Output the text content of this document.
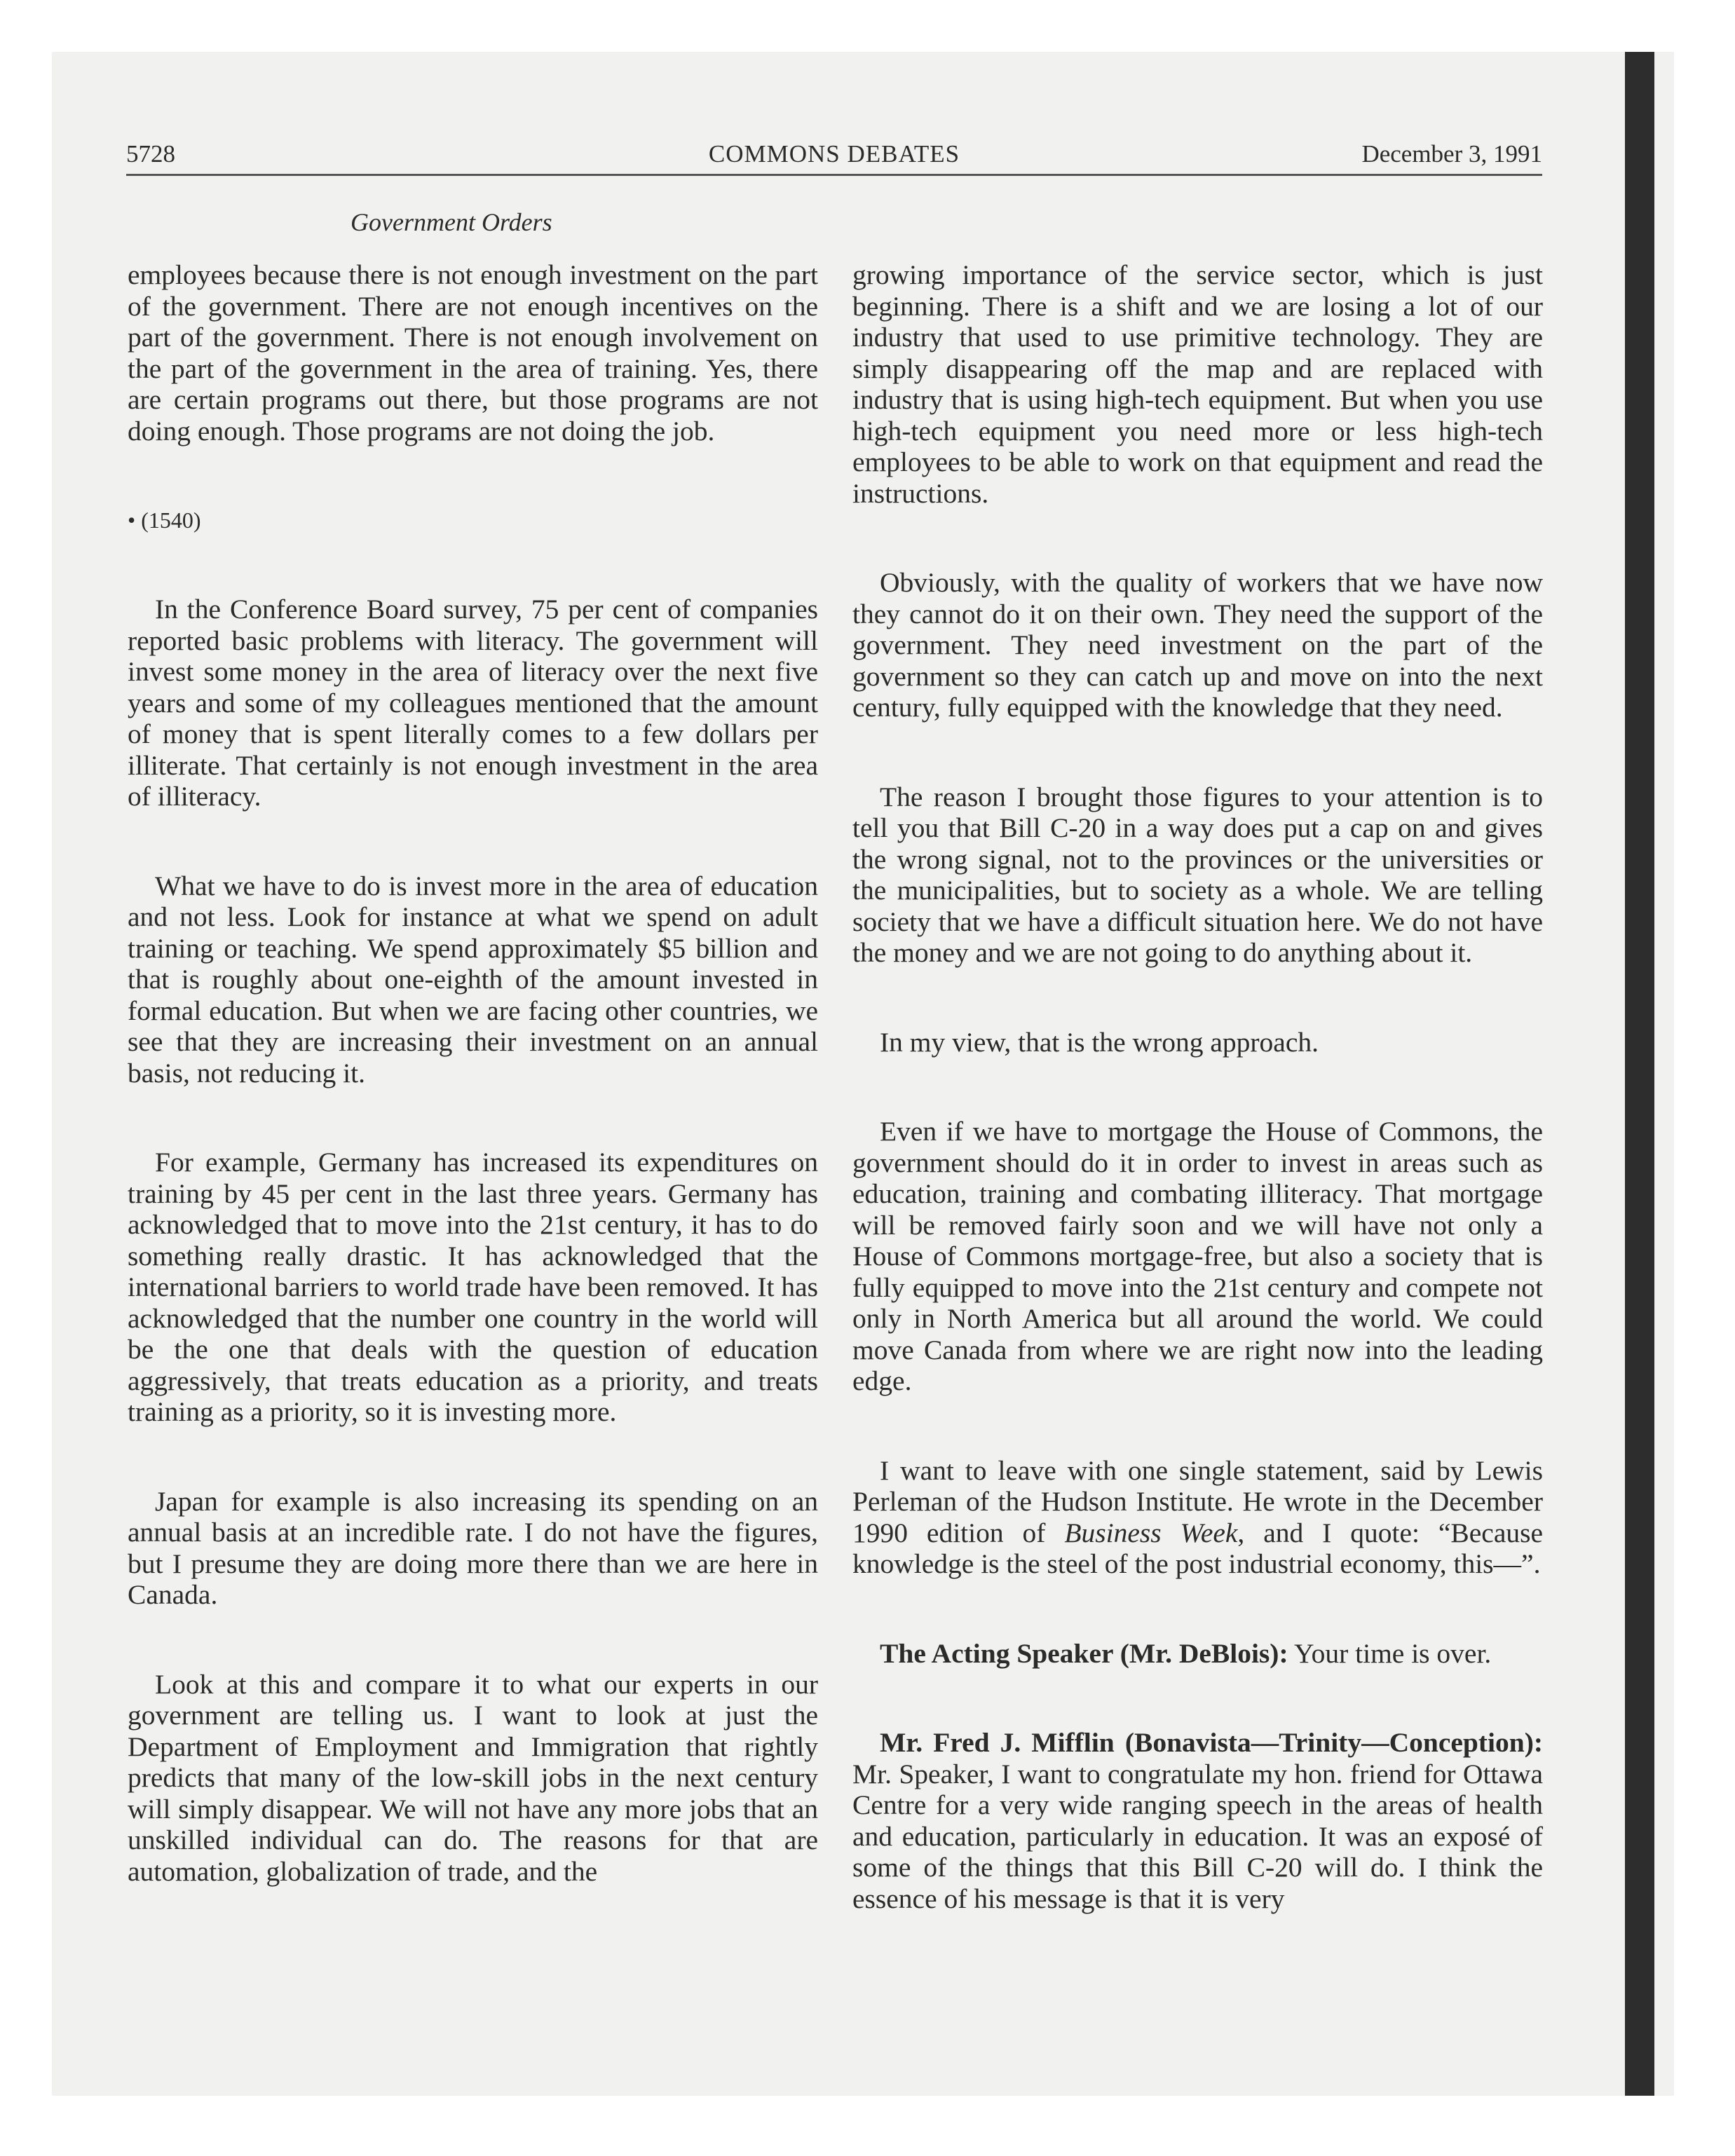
5728	COMMONS DEBATES	December 3, 1991
Government Orders

employees because there is not enough investment on the part of the government. There are not enough incentives on the part of the government. There is not enough involvement on the part of the government in the area of training. Yes, there are certain programs out there, but those programs are not doing enough. Those programs are not doing the job.

• (1540)

In the Conference Board survey, 75 per cent of companies reported basic problems with literacy. The government will invest some money in the area of literacy over the next five years and some of my colleagues mentioned that the amount of money that is spent literally comes to a few dollars per illiterate. That certainly is not enough investment in the area of illiteracy.

What we have to do is invest more in the area of education and not less. Look for instance at what we spend on adult training or teaching. We spend approximately $5 billion and that is roughly about one-eighth of the amount invested in formal education. But when we are facing other countries, we see that they are increasing their investment on an annual basis, not reducing it.

For example, Germany has increased its expenditures on training by 45 per cent in the last three years. Germany has acknowledged that to move into the 21st century, it has to do something really drastic. It has acknowledged that the international barriers to world trade have been removed. It has acknowledged that the number one country in the world will be the one that deals with the question of education aggressively, that treats education as a priority, and treats training as a priority, so it is investing more.

Japan for example is also increasing its spending on an annual basis at an incredible rate. I do not have the figures, but I presume they are doing more there than we are here in Canada.

Look at this and compare it to what our experts in our government are telling us. I want to look at just the Department of Employment and Immigration that rightly predicts that many of the low-skill jobs in the next century will simply disappear. We will not have any more jobs that an unskilled individual can do. The reasons for that are automation, globalization of trade, and the

growing importance of the service sector, which is just beginning. There is a shift and we are losing a lot of our industry that used to use primitive technology. They are simply disappearing off the map and are replaced with industry that is using high-tech equipment. But when you use high-tech equipment you need more or less high-tech employees to be able to work on that equipment and read the instructions.

Obviously, with the quality of workers that we have now they cannot do it on their own. They need the support of the government. They need investment on the part of the government so they can catch up and move on into the next century, fully equipped with the knowledge that they need.

The reason I brought those figures to your attention is to tell you that Bill C-20 in a way does put a cap on and gives the wrong signal, not to the provinces or the universities or the municipalities, but to society as a whole. We are telling society that we have a difficult situation here. We do not have the money and we are not going to do anything about it.

In my view, that is the wrong approach.

Even if we have to mortgage the House of Commons, the government should do it in order to invest in areas such as education, training and combating illiteracy. That mortgage will be removed fairly soon and we will have not only a House of Commons mortgage-free, but also a society that is fully equipped to move into the 21st century and compete not only in North America but all around the world. We could move Canada from where we are right now into the leading edge.

I want to leave with one single statement, said by Lewis Perleman of the Hudson Institute. He wrote in the December 1990 edition of Business Week, and I quote: “Because knowledge is the steel of the post industrial economy, this—”.

The Acting Speaker (Mr. DeBlois): Your time is over.

Mr. Fred J. Mifflin (Bonavista—Trinity—Conception): Mr. Speaker, I want to congratulate my hon. friend for Ottawa Centre for a very wide ranging speech in the areas of health and education, particularly in education. It was an exposé of some of the things that this Bill C-20 will do. I think the essence of his message is that it is very
